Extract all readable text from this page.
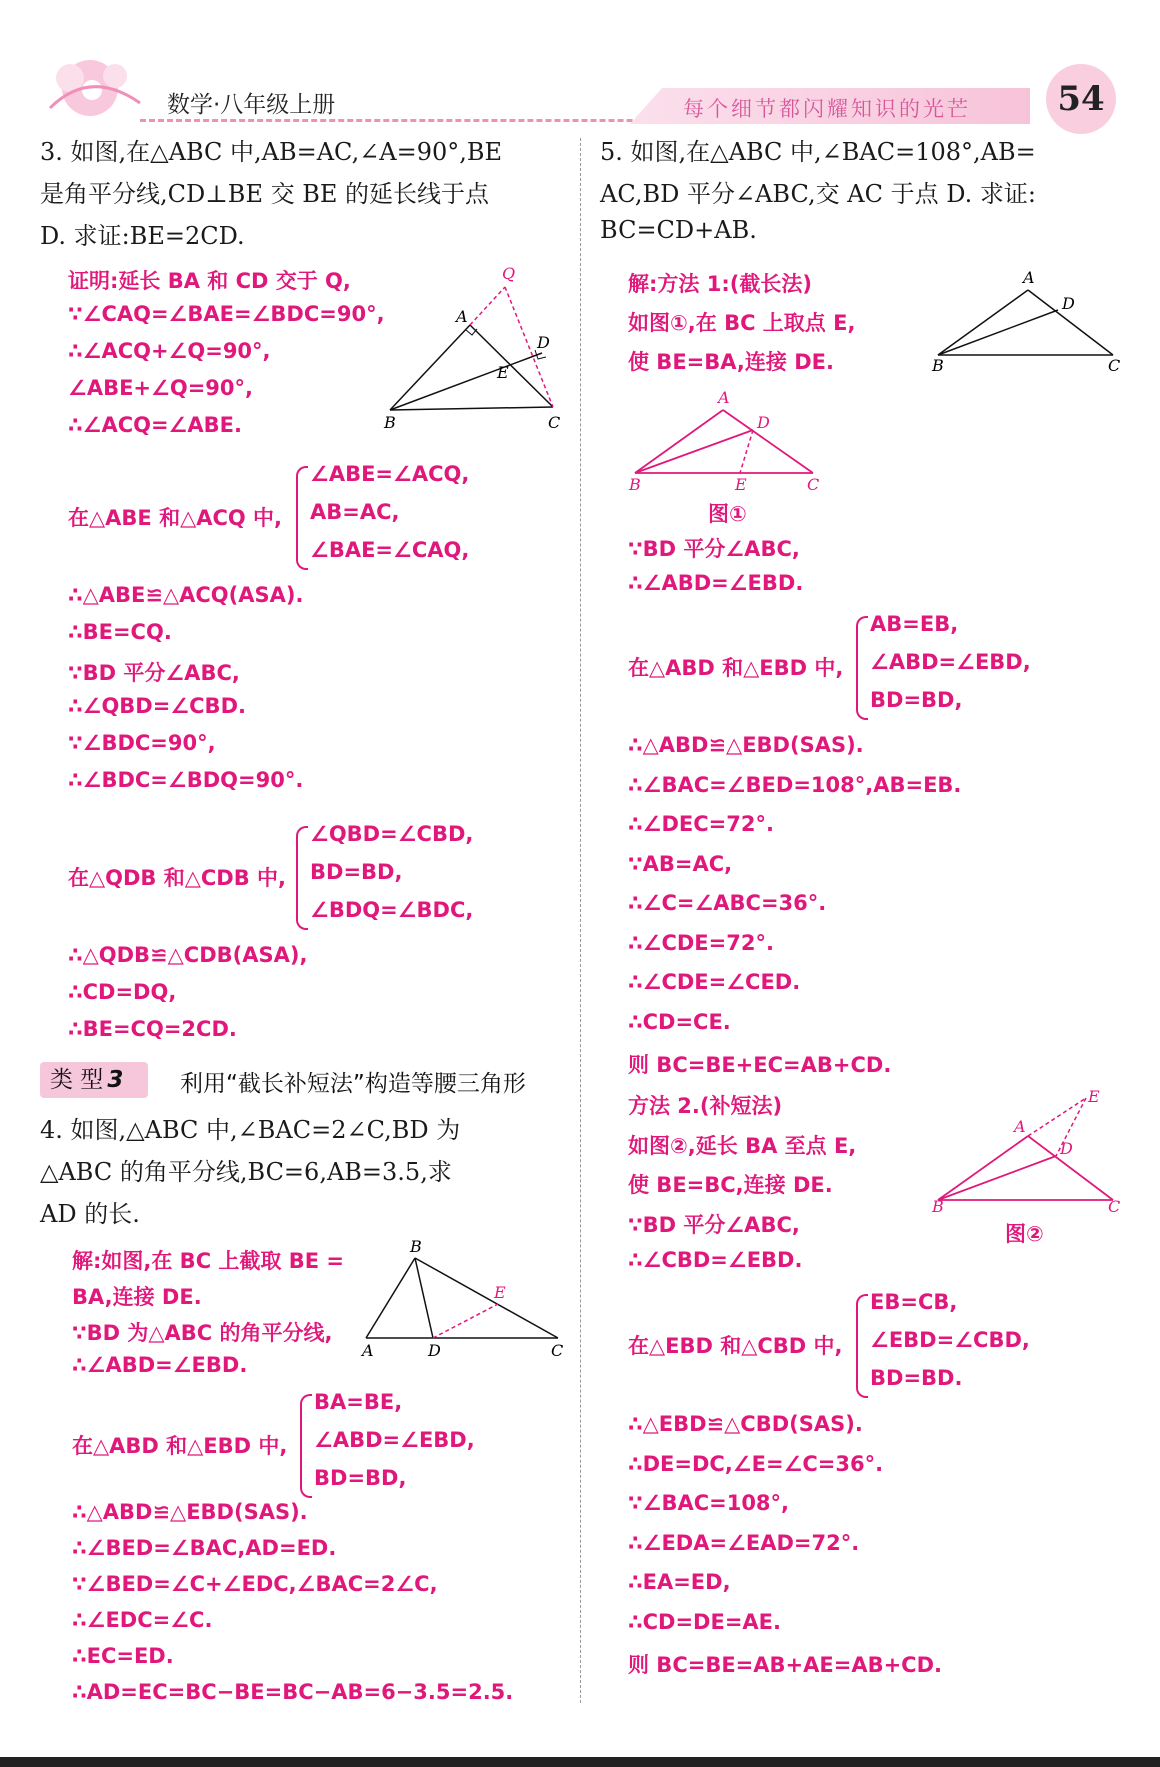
数学·八年级上册	每个细节都闪耀知识的光芒	54
3. 如图,在△ABC 中,AB=AC,∠A=90°,BE
是角平分线,CD⊥BE 交 BE 的延长线于点
D. 求证:BE=2CD.
证明:延长 BA 和 CD 交于 Q,
∵∠CAQ=∠BAE=∠BDC=90°,
∴∠ACQ+∠Q=90°,
∠ABE+∠Q=90°,
∴∠ACQ=∠ABE.
在△ABE 和△ACQ 中,
∠ABE=∠ACQ,
AB=AC,
∠BAE=∠CAQ,
∴△ABE≌△ACQ(ASA).
∴BE=CQ.
∵BD 平分∠ABC,
∴∠QBD=∠CBD.
∵∠BDC=90°,
∴∠BDC=∠BDQ=90°.
在△QDB 和△CDB 中,
∠QBD=∠CBD,
BD=BD,
∠BDQ=∠BDC,
∴△QDB≌△CDB(ASA),
∴CD=DQ,
∴BE=CQ=2CD.
4. 如图,△ABC 中,∠BAC=2∠C,BD 为
△ABC 的角平分线,BC=6,AB=3.5,求
AD 的长.
解:如图,在 BC 上截取 BE =
BA,连接 DE.
∵BD 为△ABC 的角平分线,
∴∠ABD=∠EBD.
在△ABD 和△EBD 中,
BA=BE,
∠ABD=∠EBD,
BD=BD,
∴△ABD≌△EBD(SAS).
∴∠BED=∠BAC,AD=ED.
∵∠BED=∠C+∠EDC,∠BAC=2∠C,
∴∠EDC=∠C.
∴EC=ED.
∴AD=EC=BC−BE=BC−AB=6−3.5=2.5.
类 型 3	利用“截长补短法”构造等腰三角形
5. 如图,在△ABC 中,∠BAC=108°,AB=
AC,BD 平分∠ABC,交 AC 于点 D. 求证:
BC=CD+AB.
解:方法 1:(截长法)
如图①,在 BC 上取点 E,
使 BE=BA,连接 DE.
图①
∵BD 平分∠ABC,
∴∠ABD=∠EBD.
在△ABD 和△EBD 中,
AB=EB,
∠ABD=∠EBD,
BD=BD,
∴△ABD≌△EBD(SAS).
∴∠BAC=∠BED=108°,AB=EB.
∴∠DEC=72°.
∵AB=AC,
∴∠C=∠ABC=36°.
∴∠CDE=72°.
∴∠CDE=∠CED.
∴CD=CE.
则 BC=BE+EC=AB+CD.
方法 2.(补短法)
如图②,延长 BA 至点 E,
使 BE=BC,连接 DE.
∵BD 平分∠ABC,
∴∠CBD=∠EBD.
图②
在△EBD 和△CBD 中,
EB=CB,
∠EBD=∠CBD,
BD=BD.
∴△EBD≌△CBD(SAS).
∴DE=DC,∠E=∠C=36°.
∵∠BAC=108°,
∴∠EDA=∠EAD=72°.
∴EA=ED,
∴CD=DE=AE.
则 BC=BE=AB+AE=AB+CD.
Q
A
D
E
B	C
B
E
A	D	C
A
D
B	C
A
D
B	E	C
E
A
D
B	C
